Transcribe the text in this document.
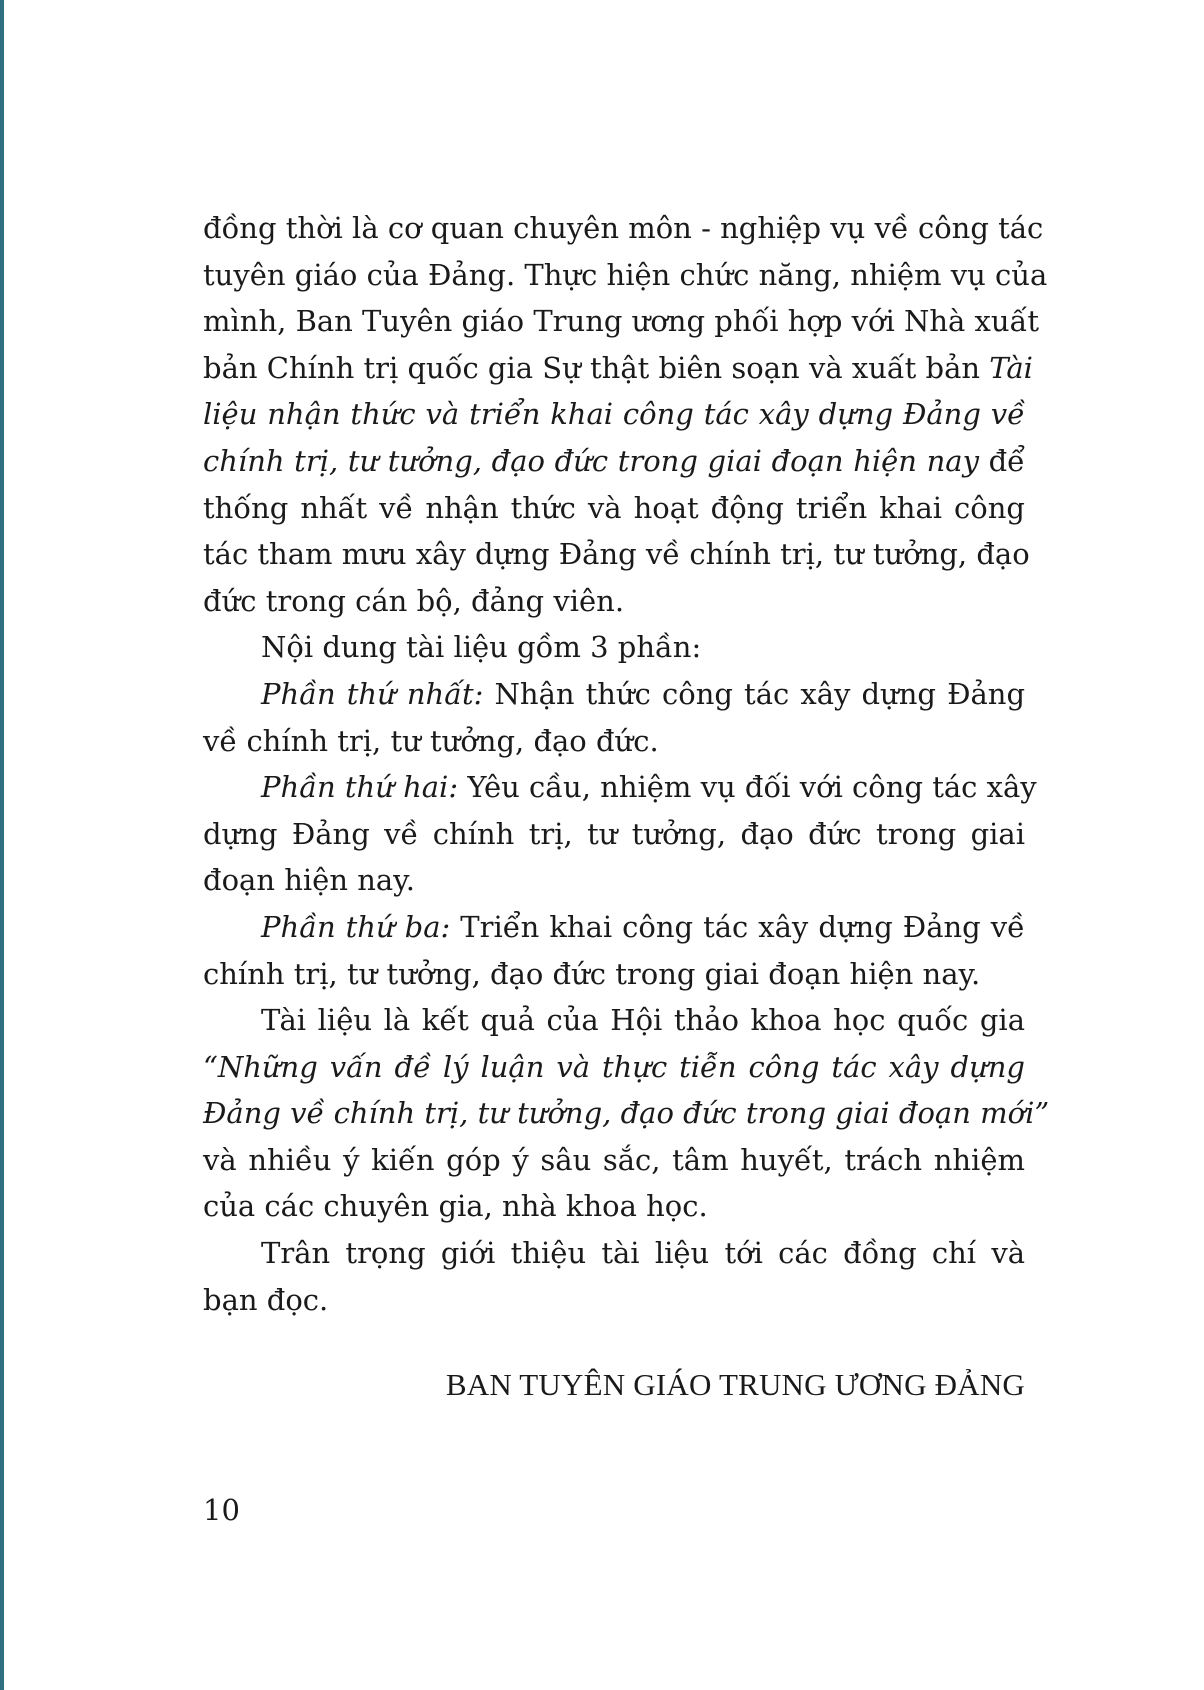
đồng thời là cơ quan chuyên môn - nghiệp vụ về công tác
tuyên giáo của Đảng. Thực hiện chức năng, nhiệm vụ của
mình, Ban Tuyên giáo Trung ương phối hợp với Nhà xuất
bản Chính trị quốc gia Sự thật biên soạn và xuất bản Tài
liệu nhận thức và triển khai công tác xây dựng Đảng về
chính trị, tư tưởng, đạo đức trong giai đoạn hiện nay để
thống nhất về nhận thức và hoạt động triển khai công
tác tham mưu xây dựng Đảng về chính trị, tư tưởng, đạo
đức trong cán bộ, đảng viên.
Nội dung tài liệu gồm 3 phần:
Phần thứ nhất: Nhận thức công tác xây dựng Đảng
về chính trị, tư tưởng, đạo đức.
Phần thứ hai: Yêu cầu, nhiệm vụ đối với công tác xây
dựng Đảng về chính trị, tư tưởng, đạo đức trong giai
đoạn hiện nay.
Phần thứ ba: Triển khai công tác xây dựng Đảng về
chính trị, tư tưởng, đạo đức trong giai đoạn hiện nay.
Tài liệu là kết quả của Hội thảo khoa học quốc gia
“Những vấn đề lý luận và thực tiễn công tác xây dựng
Đảng về chính trị, tư tưởng, đạo đức trong giai đoạn mới”
và nhiều ý kiến góp ý sâu sắc, tâm huyết, trách nhiệm
của các chuyên gia, nhà khoa học.
Trân trọng giới thiệu tài liệu tới các đồng chí và
bạn đọc.
BAN TUYÊN GIÁO TRUNG ƯƠNG ĐẢNG
10
